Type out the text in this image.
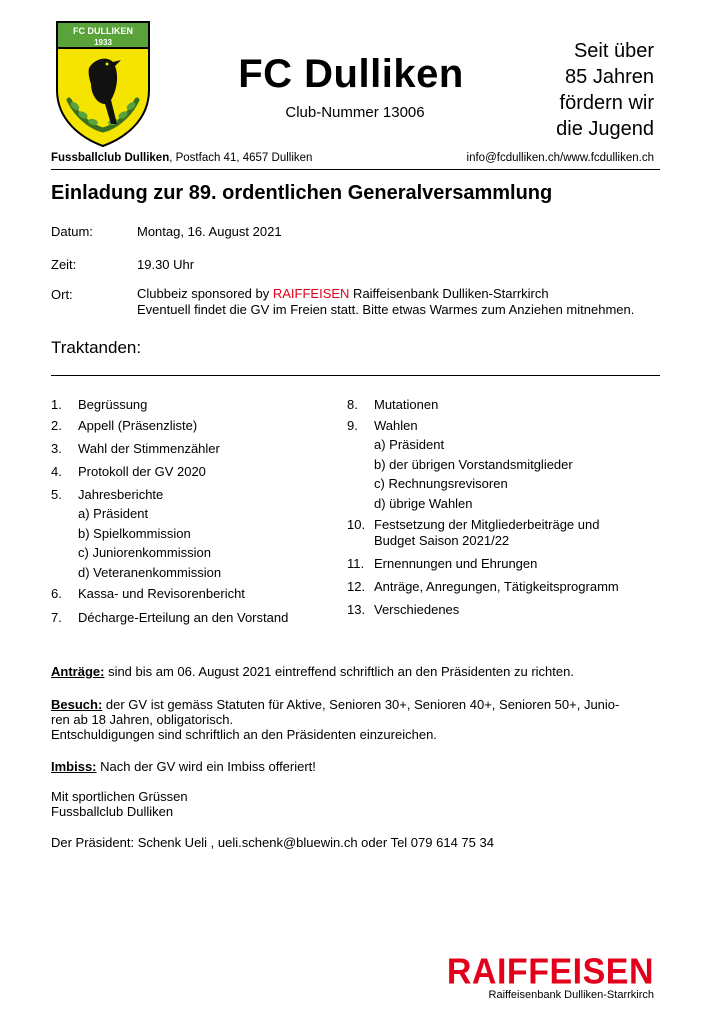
FC DULLIKEN
1933
FC Dulliken
Club-Nummer 13006
Seit über
85 Jahren
fördern wir
die Jugend
Fussballclub Dulliken, Postfach 41, 4657 Dulliken	info@fcdulliken.ch/www.fcdulliken.ch
Einladung zur 89. ordentlichen Generalversammlung
Datum:	Montag, 16. August 2021
Zeit:	19.30 Uhr
Ort:	Clubbeiz sponsored by RAIFFEISEN Raiffeisenbank Dulliken-Starrkirch
Eventuell findet die GV im Freien statt. Bitte etwas Warmes zum Anziehen mitnehmen.
Traktanden:
1. Begrüssung
2. Appell (Präsenzliste)
3. Wahl der Stimmenzähler
4. Protokoll der GV 2020
5. Jahresberichte
a) Präsident
b) Spielkommission
c) Juniorenkommission
d) Veteranenkommission
6. Kassa- und Revisorenbericht
7. Décharge-Erteilung an den Vorstand
8. Mutationen
9. Wahlen
a) Präsident
b) der übrigen Vorstandsmitglieder
c) Rechnungsrevisoren
d) übrige Wahlen
10. Festsetzung der Mitgliederbeiträge und
Budget Saison 2021/22
11. Ernennungen und Ehrungen
12. Anträge, Anregungen, Tätigkeitsprogramm
13. Verschiedenes
Anträge: sind bis am 06. August 2021 eintreffend schriftlich an den Präsidenten zu richten.
Besuch: der GV ist gemäss Statuten für Aktive, Senioren 30+, Senioren 40+, Senioren 50+, Junio-
ren ab 18 Jahren, obligatorisch.
Entschuldigungen sind schriftlich an den Präsidenten einzureichen.
Imbiss: Nach der GV wird ein Imbiss offeriert!
Mit sportlichen Grüssen
Fussballclub Dulliken
Der Präsident: Schenk Ueli , ueli.schenk@bluewin.ch oder Tel 079 614 75 34
RAIFFEISEN
Raiffeisenbank Dulliken-Starrkirch
